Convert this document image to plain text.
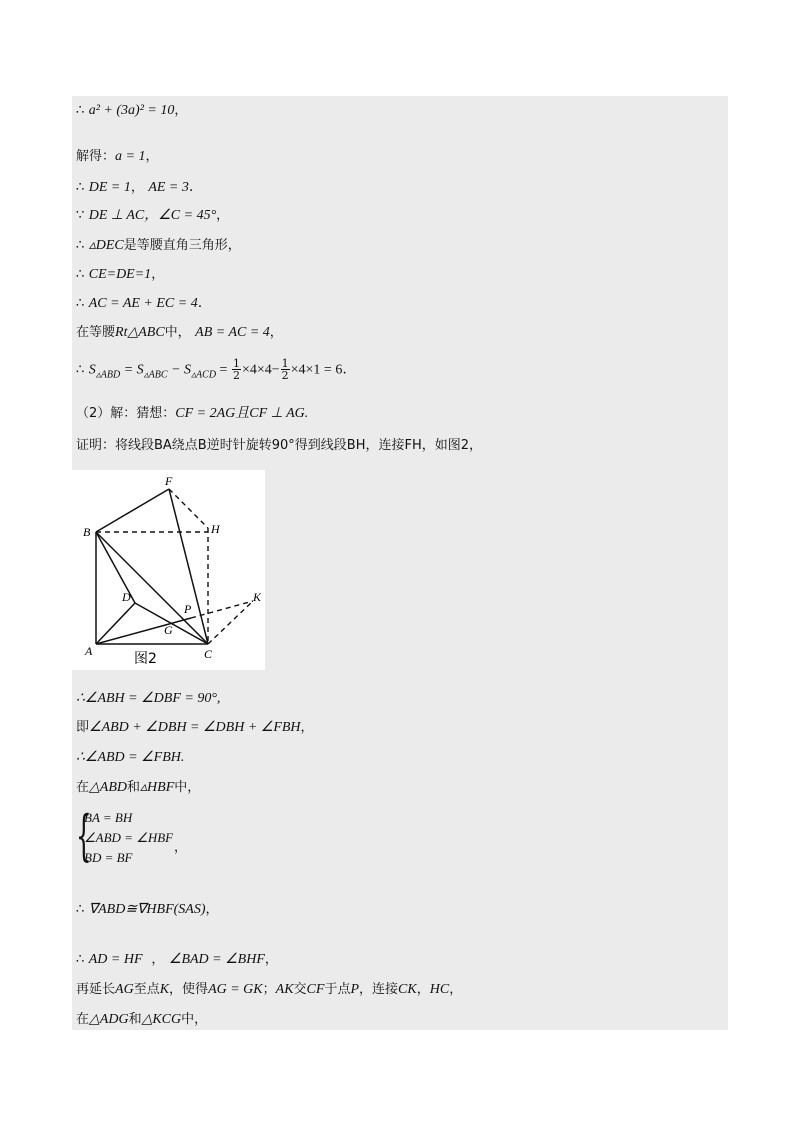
∴ a² + (3a)² = 10，
解得：a = 1，
∴ DE = 1， AE = 3.
∵ DE ⊥ AC，∠C = 45°，
∴ ▵DEC是等腰直角三角形，
∴ CE=DE=1，
∴ AC = AE + EC = 4.
在等腰Rt△ABC中， AB = AC = 4，
∴ $S_{▵ABD} = S_{▵ABC} - S_{▵ACD} = \frac{1}{2} \times 4\times 4- \frac{1}{2} \times 4\times 1 = 6$.
（2）解：猜想：CF = 2AG且CF ⊥ AG.
证明：将线段BA绕点B逆时针旋转90°得到线段BH，连接FH，如图2，
F
H
B
D
P
K
G
A	C
图2
∴∠ABH = ∠DBF = 90°,
即∠ABD + ∠DBH = ∠DBH + ∠FBH，
∴∠ABD = ∠FBH.
在△ABD和▵HBF中，
{
BA = BH
∠ABD = ∠HBF
BD = BF
，
∴ ∇ABD≅∇HBF(SAS)，
∴ AD = HF ， ∠BAD = ∠BHF，
再延长AG至点K，使得AG = GK；AK交CF于点P，连接CK，HC，
在△ADG和△KCG中，
